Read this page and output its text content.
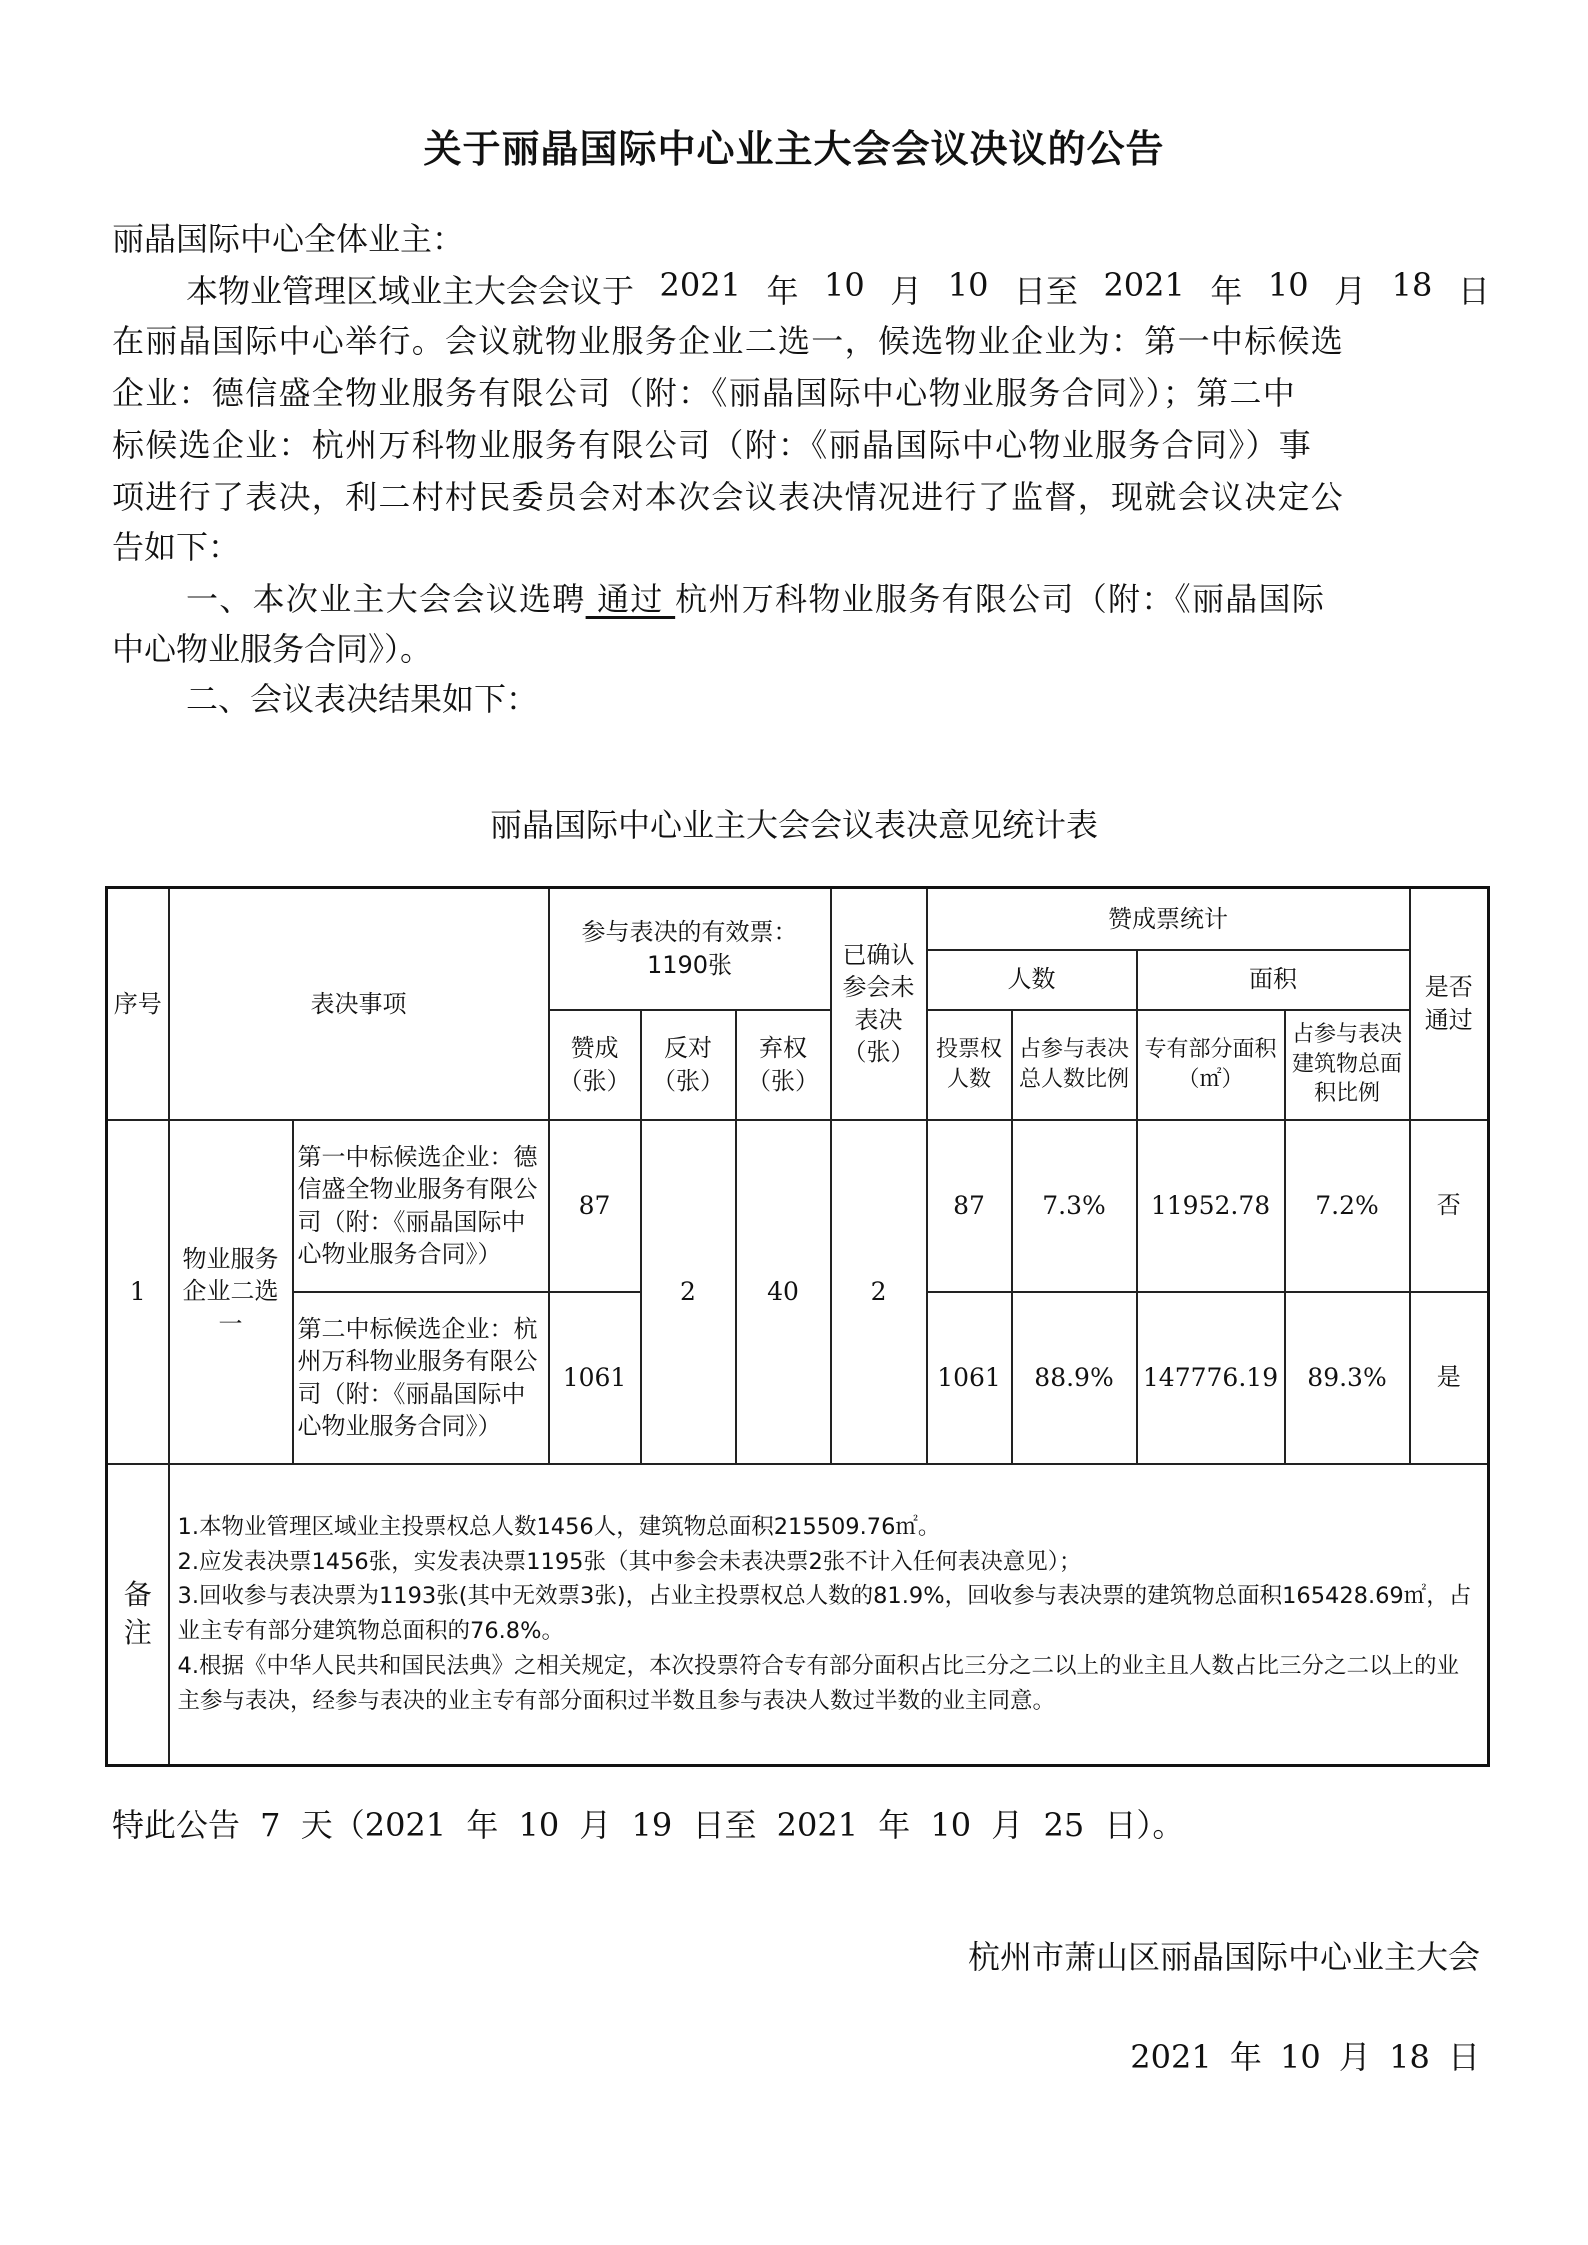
关于丽晶国际中心业主大会会议决议的公告
丽晶国际中心全体业主：
本物业管理区域业主大会会议于 2021 年 10 月 10 日至 2021 年 10 月 18 日
在丽晶国际中心举行。会议就物业服务企业二选一，候选物业企业为：第一中标候选
企业：德信盛全物业服务有限公司（附：《丽晶国际中心物业服务合同》）；第二中
标候选企业：杭州万科物业服务有限公司（附：《丽晶国际中心物业服务合同》）事
项进行了表决，利二村村民委员会对本次会议表决情况进行了监督，现就会议决定公
告如下：
一、本次业主大会会议选聘 通过 杭州万科物业服务有限公司（附：《丽晶国际
中心物业服务合同》）。
二、会议表决结果如下：
丽晶国际中心业主大会会议表决意见统计表
序号	表决事项		参与表决的有效票：
1190张			已确认参会未表决（张）	赞成票统计				是否通过
							人数		面积		
			赞成（张）	反对（张）	弃权（张）		投票权人数	占参与表决总人数比例	专有部分面积（㎡）	占参与表决建筑物总面积比例	
1	物业服务企业二选一	第一中标候选企业：德信盛全物业服务有限公司（附：《丽晶国际中心物业服务合同》）	87	2	40	2	87	7.3%	11952.78	7.2%	否
		第二中标候选企业：杭州万科物业服务有限公司（附：《丽晶国际中心物业服务合同》）	1061				1061	88.9%	147776.19	89.3%	是
备注	1.本物业管理区域业主投票权总人数1456人，建筑物总面积215509.76㎡。
2.应发表决票1456张，实发表决票1195张（其中参会未表决票2张不计入任何表决意见）；
3.回收参与表决票为1193张(其中无效票3张)，占业主投票权总人数的81.9%，回收参与表决票的建筑物总面积165428.69㎡，占业主专有部分建筑物总面积的76.8%。
4.根据《中华人民共和国民法典》之相关规定，本次投票符合专有部分面积占比三分之二以上的业主且人数占比三分之二以上的业主参与表决，经参与表决的业主专有部分面积过半数且参与表决人数过半数的业主同意。										
特此公告 7 天（2021 年 10 月 19 日至 2021 年 10 月 25 日）。
杭州市萧山区丽晶国际中心业主大会
2021 年 10 月 18 日
